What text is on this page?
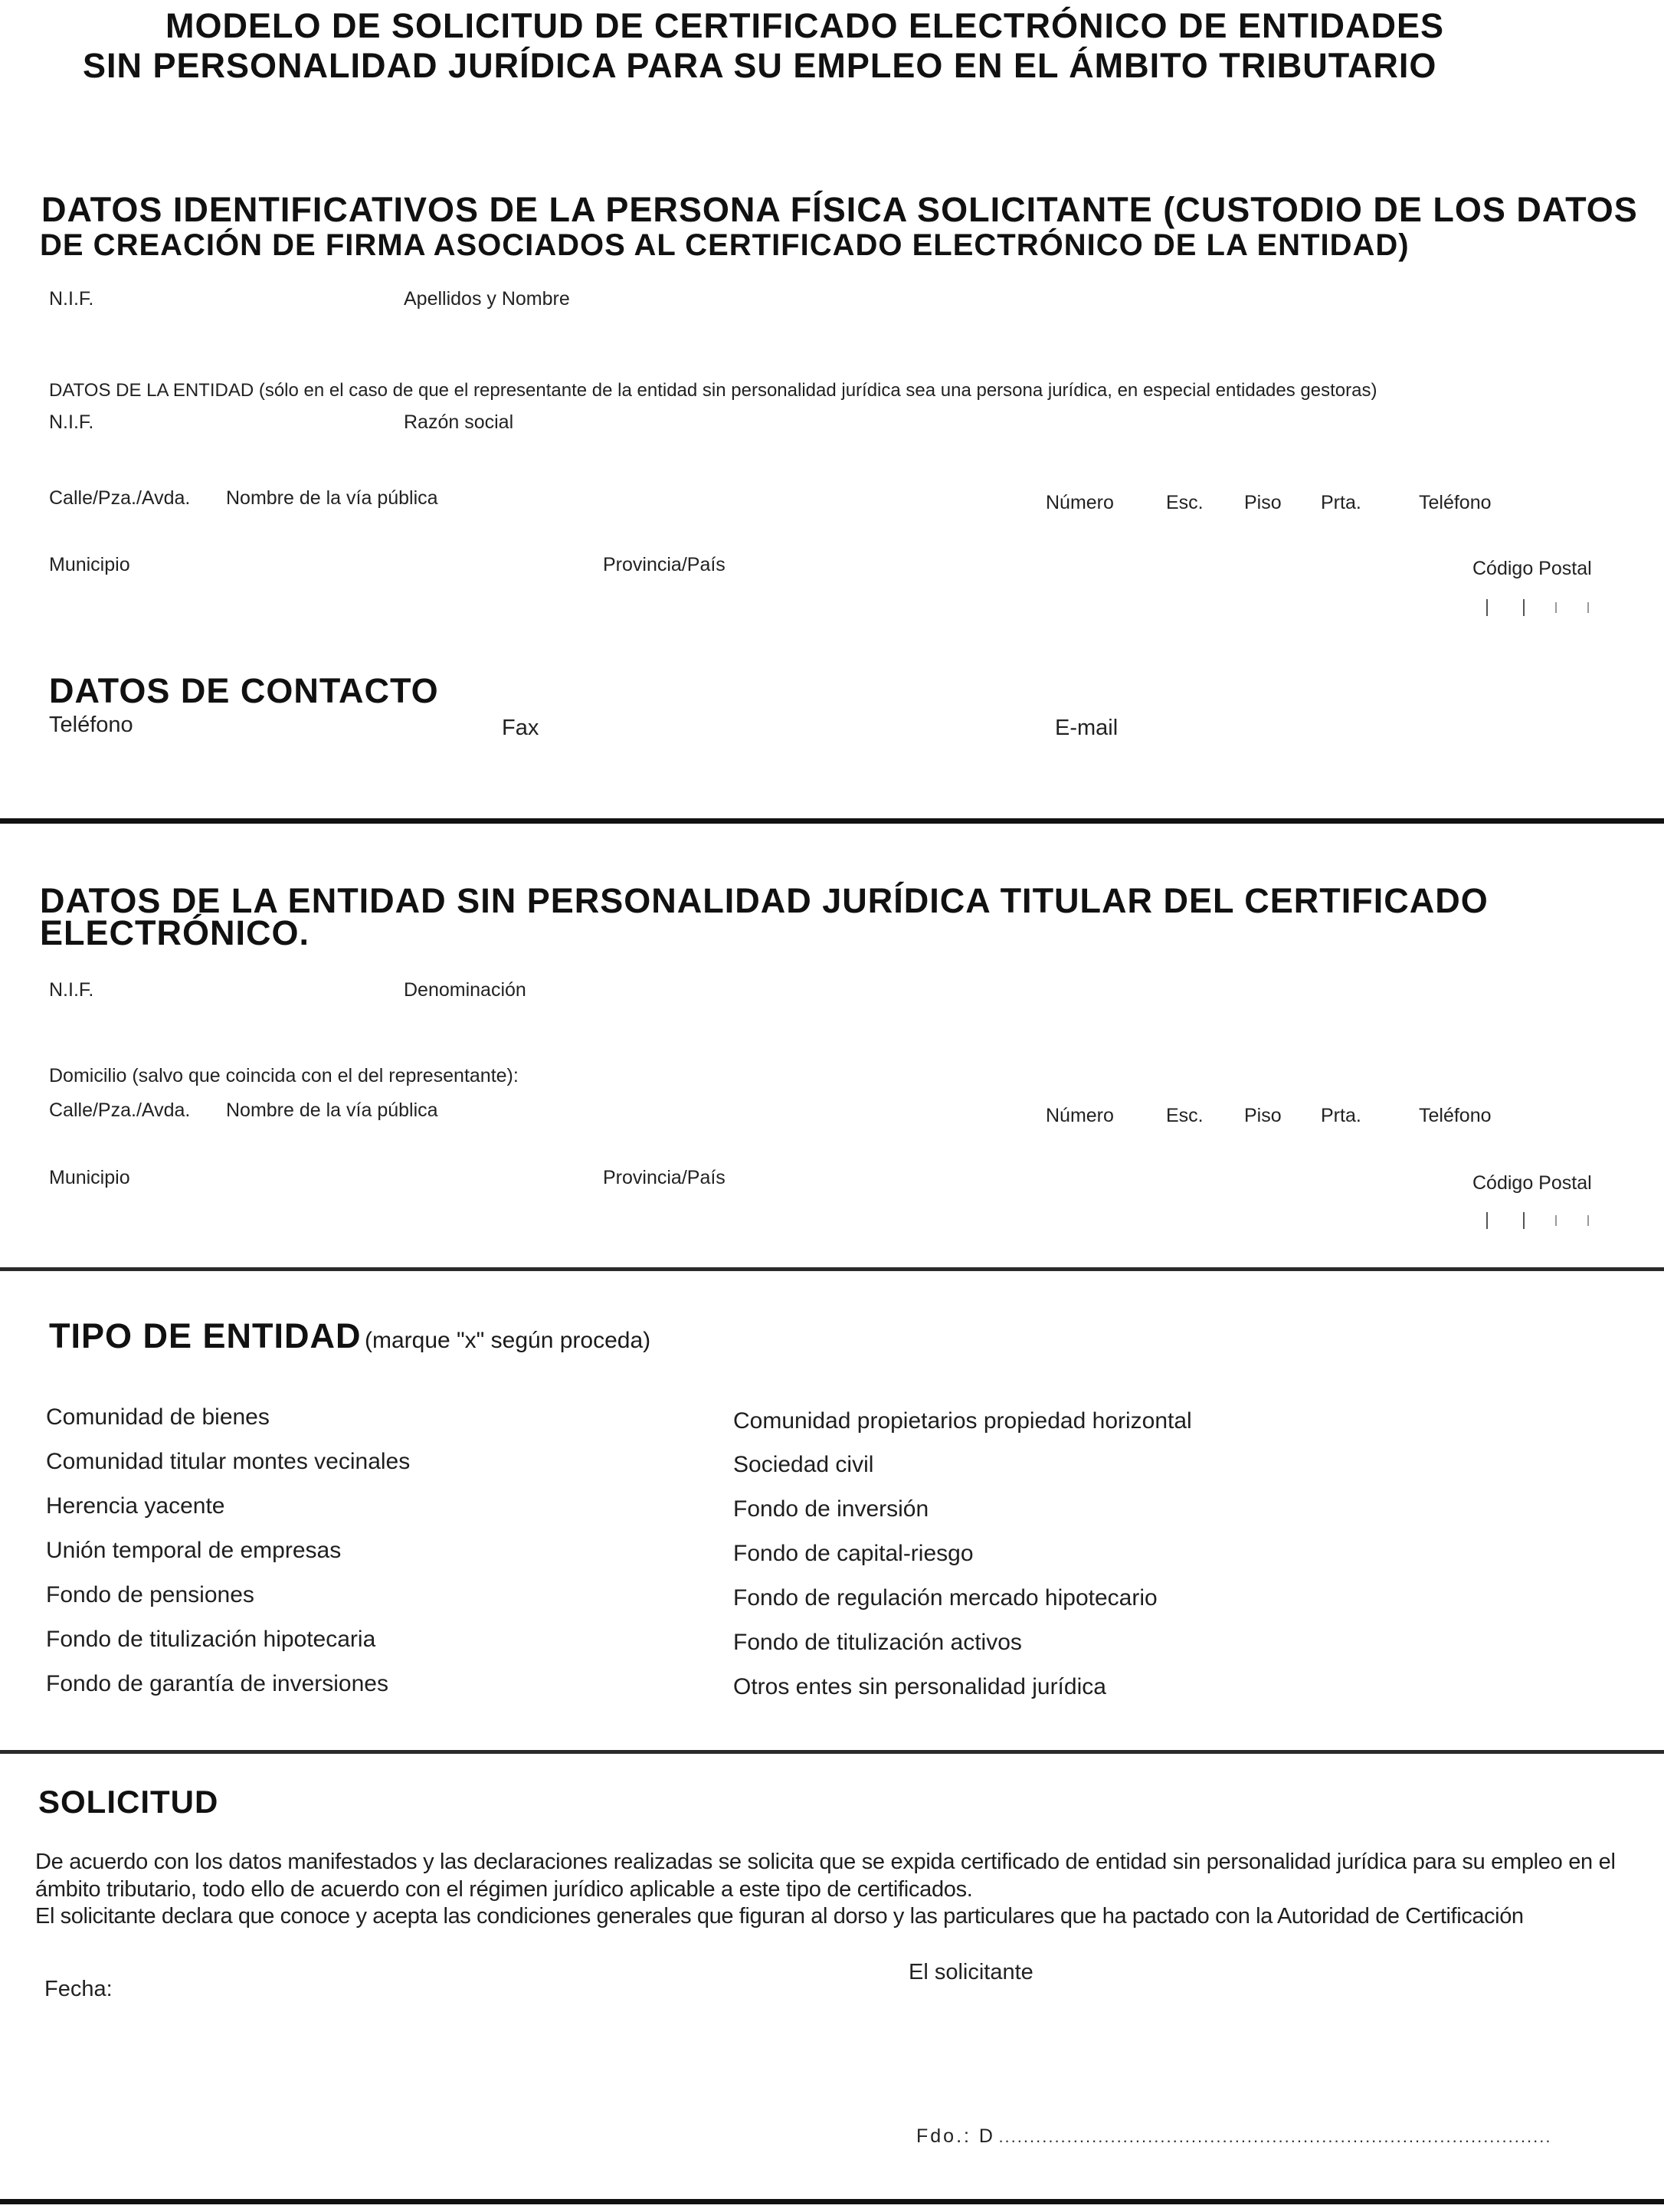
MODELO DE SOLICITUD DE CERTIFICADO ELECTRÓNICO DE ENTIDADES
SIN PERSONALIDAD JURÍDICA PARA SU EMPLEO EN EL ÁMBITO TRIBUTARIO
DATOS IDENTIFICATIVOS DE LA PERSONA FÍSICA SOLICITANTE (CUSTODIO DE LOS DATOS
DE CREACIÓN DE FIRMA ASOCIADOS AL CERTIFICADO ELECTRÓNICO DE LA ENTIDAD)
N.I.F.	Apellidos y Nombre
DATOS DE LA ENTIDAD (sólo en el caso de que el representante de la entidad sin personalidad jurídica sea una persona jurídica, en especial entidades gestoras)
N.I.F.	Razón social
Calle/Pza./Avda. Nombre de la vía pública	Número	Esc. Piso Prta.	Teléfono
Municipio	Provincia/País	Código Postal
DATOS DE CONTACTO
Teléfono	Fax	E-mail
DATOS DE LA ENTIDAD SIN PERSONALIDAD JURÍDICA TITULAR DEL CERTIFICADO
ELECTRÓNICO.
N.I.F.	Denominación
Domicilio (salvo que coincida con el del representante):
Calle/Pza./Avda. Nombre de la vía pública	Número	Esc. Piso Prta.	Teléfono
Municipio	Provincia/País	Código Postal
TIPO DE ENTIDAD (marque "x" según proceda)
Comunidad de bienes
Comunidad titular montes vecinales
Herencia yacente
Unión temporal de empresas
Fondo de pensiones
Fondo de titulización hipotecaria
Fondo de garantía de inversiones
Comunidad propietarios propiedad horizontal
Sociedad civil
Fondo de inversión
Fondo de capital-riesgo
Fondo de regulación mercado hipotecario
Fondo de titulización activos
Otros entes sin personalidad jurídica
SOLICITUD
De acuerdo con los datos manifestados y las declaraciones realizadas se solicita que se expida certificado de entidad sin personalidad jurídica para su empleo en el ámbito tributario, todo ello de acuerdo con el régimen jurídico aplicable a este tipo de certificados.
El solicitante declara que conoce y acepta las condiciones generales que figuran al dorso y las particulares que ha pactado con la Autoridad de Certificación
Fecha:
El solicitante
Fdo.: D .........................................................................................
